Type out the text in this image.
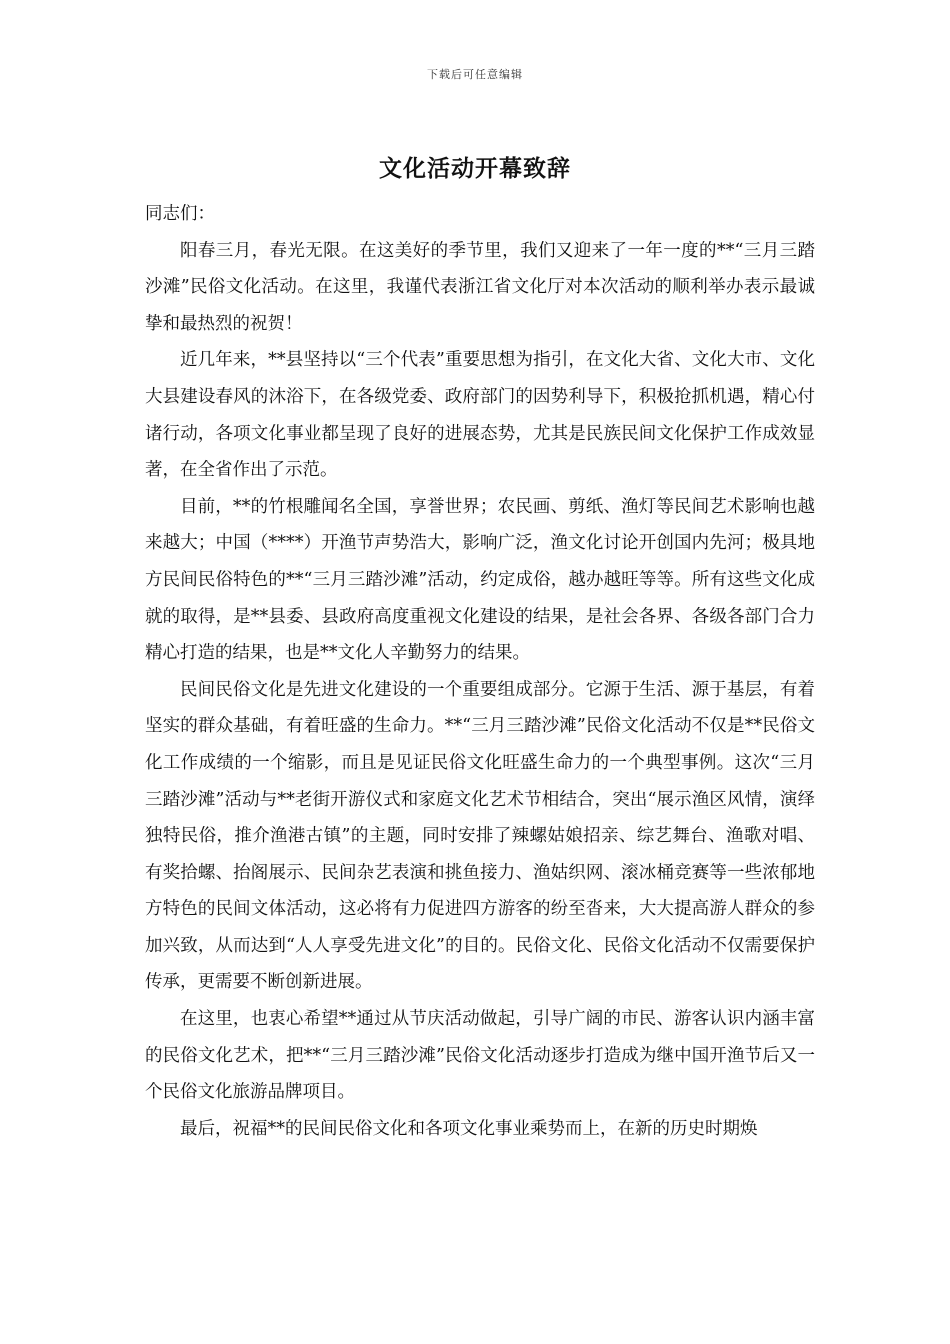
下载后可任意编辑
文化活动开幕致辞

同志们：

阳春三月，春光无限。在这美好的季节里，我们又迎来了一年一度的**“三月三踏沙滩”民俗文化活动。在这里，我谨代表浙江省文化厅对本次活动的顺利举办表示最诚挚和最热烈的祝贺！

近几年来，**县坚持以“三个代表”重要思想为指引，在文化大省、文化大市、文化大县建设春风的沐浴下，在各级党委、政府部门的因势利导下，积极抢抓机遇，精心付诸行动，各项文化事业都呈现了良好的进展态势，尤其是民族民间文化保护工作成效显著，在全省作出了示范。

目前，**的竹根雕闻名全国，享誉世界；农民画、剪纸、渔灯等民间艺术影响也越来越大；中国（****）开渔节声势浩大，影响广泛，渔文化讨论开创国内先河；极具地方民间民俗特色的**“三月三踏沙滩”活动，约定成俗，越办越旺等等。所有这些文化成就的取得，是**县委、县政府高度重视文化建设的结果，是社会各界、各级各部门合力精心打造的结果，也是**文化人辛勤努力的结果。

民间民俗文化是先进文化建设的一个重要组成部分。它源于生活、源于基层，有着坚实的群众基础，有着旺盛的生命力。**“三月三踏沙滩”民俗文化活动不仅是**民俗文化工作成绩的一个缩影，而且是见证民俗文化旺盛生命力的一个典型事例。这次“三月三踏沙滩”活动与**老街开游仪式和家庭文化艺术节相结合，突出“展示渔区风情，演绎独特民俗，推介渔港古镇”的主题，同时安排了辣螺姑娘招亲、综艺舞台、渔歌对唱、有奖拾螺、抬阁展示、民间杂艺表演和挑鱼接力、渔姑织网、滚冰桶竞赛等一些浓郁地方特色的民间文体活动，这必将有力促进四方游客的纷至沓来，大大提高游人群众的参加兴致，从而达到“人人享受先进文化”的目的。民俗文化、民俗文化活动不仅需要保护传承，更需要不断创新进展。

在这里，也衷心希望**通过从节庆活动做起，引导广阔的市民、游客认识内涵丰富的民俗文化艺术，把**“三月三踏沙滩”民俗文化活动逐步打造成为继中国开渔节后又一个民俗文化旅游品牌项目。

最后，祝福**的民间民俗文化和各项文化事业乘势而上，在新的历史时期焕
